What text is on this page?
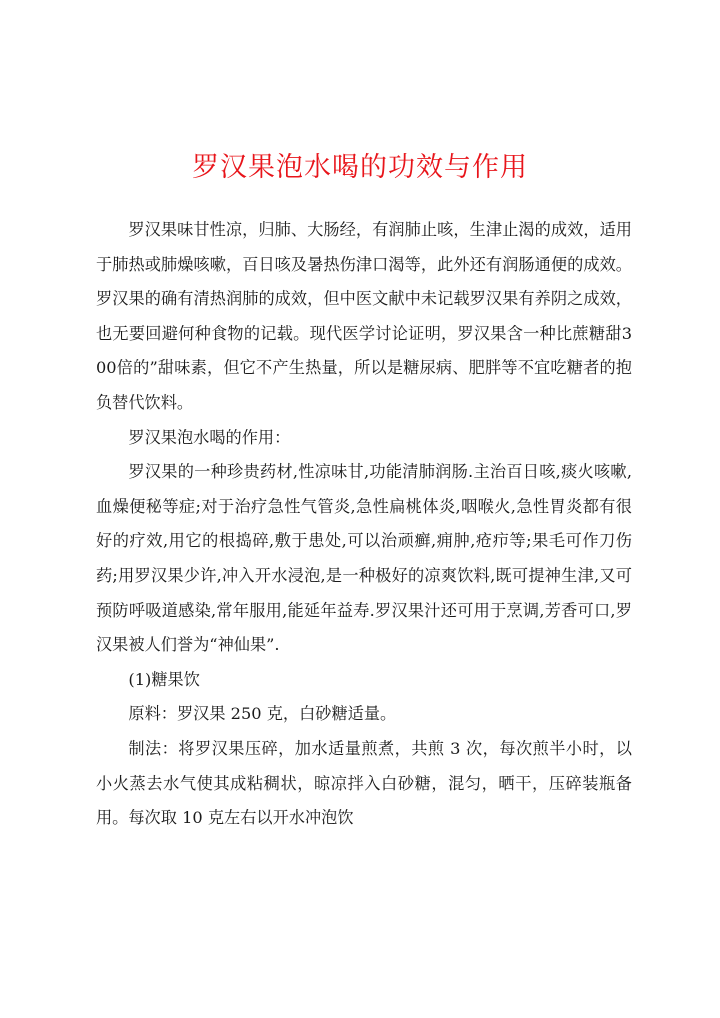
罗汉果泡水喝的功效与作用

罗汉果味甘性凉，归肺、大肠经，有润肺止咳，生津止渴的成效，适用于肺热或肺燥咳嗽，百日咳及暑热伤津口渴等，此外还有润肠通便的成效。罗汉果的确有清热润肺的成效，但中医文献中未记载罗汉果有养阴之成效，也无要回避何种食物的记载。现代医学讨论证明，罗汉果含一种比蔗糖甜300倍的”甜味素，但它不产生热量，所以是糖尿病、肥胖等不宜吃糖者的抱负替代饮料。

罗汉果泡水喝的作用：

罗汉果的一种珍贵药材,性凉味甘,功能清肺润肠.主治百日咳,痰火咳嗽,血燥便秘等症;对于治疗急性气管炎,急性扁桃体炎,咽喉火,急性胃炎都有很好的疗效,用它的根捣碎,敷于患处,可以治顽癣,痈肿,疮疖等;果毛可作刀伤药;用罗汉果少许,冲入开水浸泡,是一种极好的凉爽饮料,既可提神生津,又可预防呼吸道感染,常年服用,能延年益寿.罗汉果汁还可用于烹调,芳香可口,罗汉果被人们誉为“神仙果”.

(1)糖果饮

原料：罗汉果 250 克，白砂糖适量。

制法：将罗汉果压碎，加水适量煎煮，共煎 3 次，每次煎半小时，以小火蒸去水气使其成粘稠状，晾凉拌入白砂糖，混匀，晒干，压碎装瓶备用。每次取 10 克左右以开水冲泡饮
